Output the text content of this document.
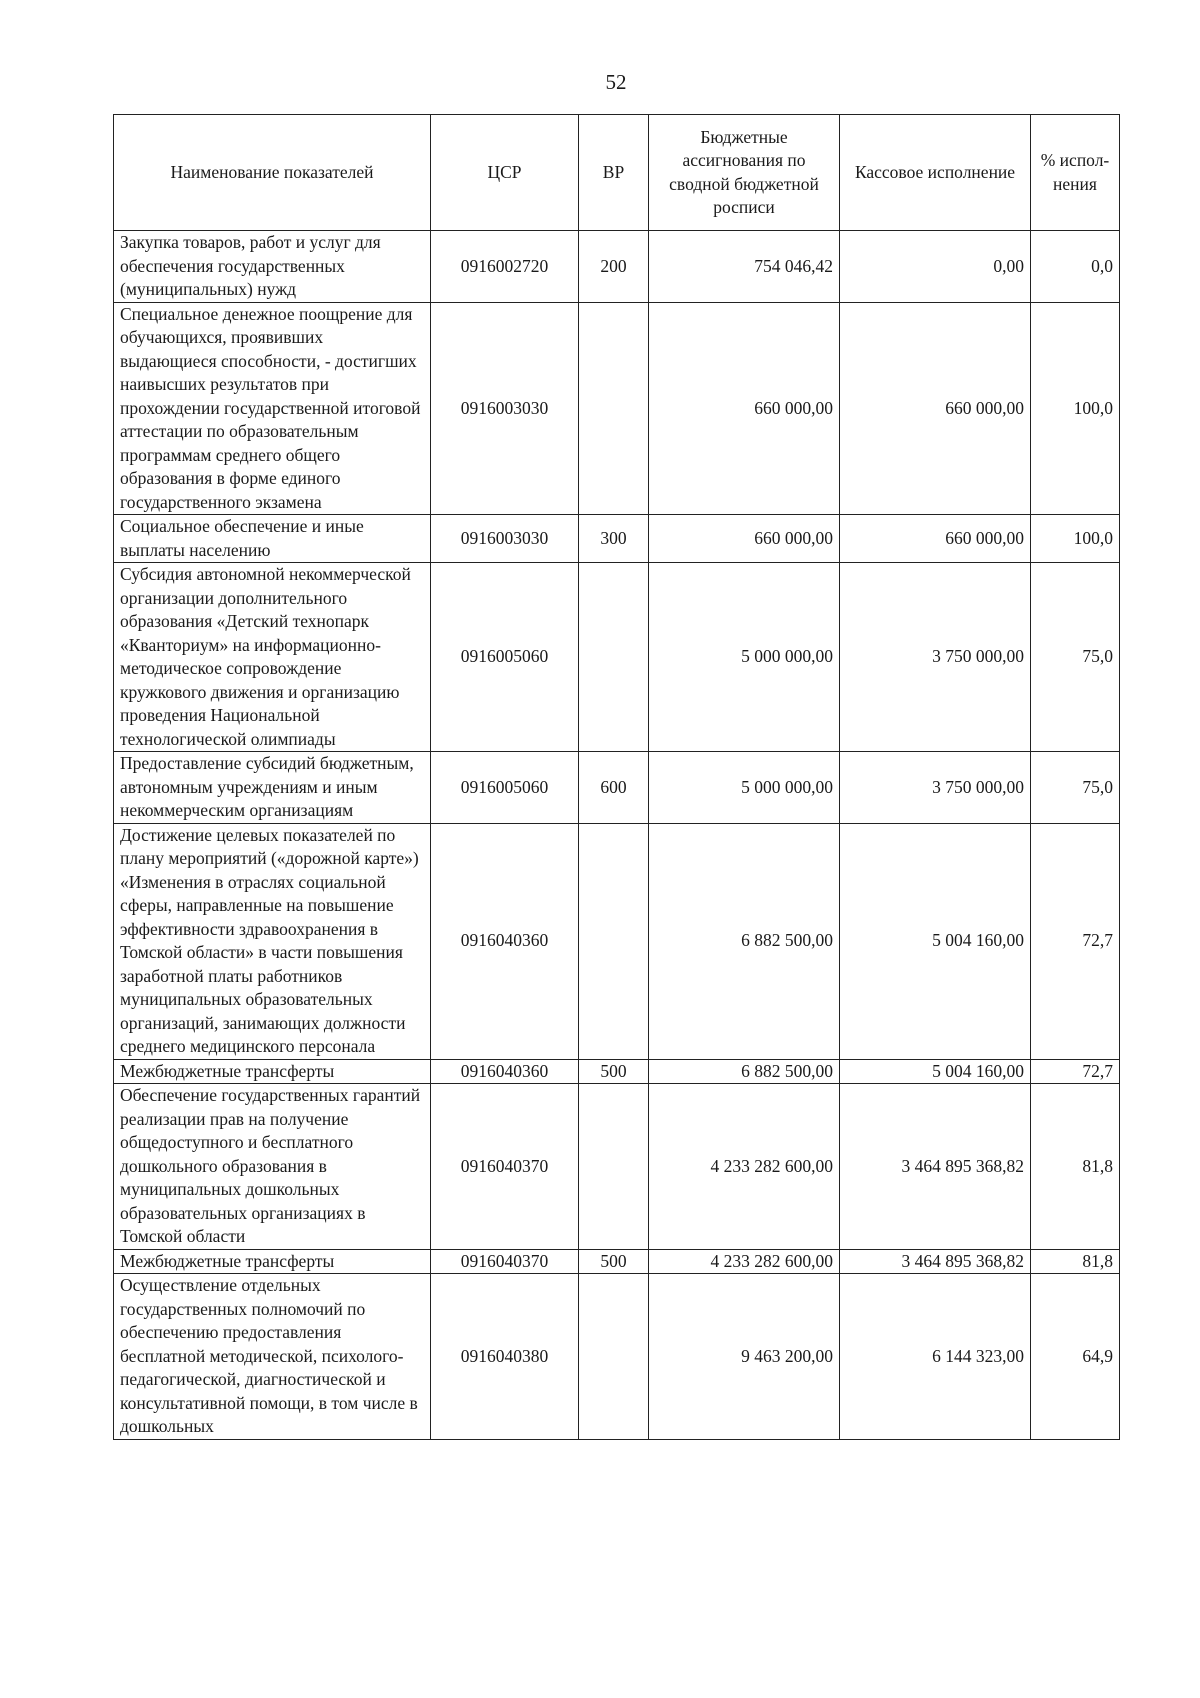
52
Наименование показателей	ЦСР	ВР	Бюджетные ассигнования по сводной бюджетной росписи	Кассовое исполнение	% испол-нения
Закупка товаров, работ и услуг для обеспечения государственных (муниципальных) нужд	0916002720	200	754 046,42	0,00	0,0
Специальное денежное поощрение для обучающихся, проявивших выдающиеся способности, - достигших наивысших результатов при прохождении государственной итоговой аттестации по образовательным программам среднего общего образования в форме единого государственного экзамена	0916003030		660 000,00	660 000,00	100,0
Социальное обеспечение и иные выплаты населению	0916003030	300	660 000,00	660 000,00	100,0
Субсидия автономной некоммерческой организации дополнительного образования «Детский технопарк «Кванториум» на информационно-методическое сопровождение кружкового движения и организацию проведения Национальной технологической олимпиады	0916005060		5 000 000,00	3 750 000,00	75,0
Предоставление субсидий бюджетным, автономным учреждениям и иным некоммерческим организациям	0916005060	600	5 000 000,00	3 750 000,00	75,0
Достижение целевых показателей по плану мероприятий («дорожной карте») «Изменения в отраслях социальной сферы, направленные на повышение эффективности здравоохранения в Томской области» в части повышения заработной платы работников муниципальных образовательных организаций, занимающих должности среднего медицинского персонала	0916040360		6 882 500,00	5 004 160,00	72,7
Межбюджетные трансферты	0916040360	500	6 882 500,00	5 004 160,00	72,7
Обеспечение государственных гарантий реализации прав на получение общедоступного и бесплатного дошкольного образования в муниципальных дошкольных образовательных организациях в Томской области	0916040370		4 233 282 600,00	3 464 895 368,82	81,8
Межбюджетные трансферты	0916040370	500	4 233 282 600,00	3 464 895 368,82	81,8
Осуществление отдельных государственных полномочий по обеспечению предоставления бесплатной методической, психолого-педагогической, диагностической и консультативной помощи, в том числе в дошкольных	0916040380		9 463 200,00	6 144 323,00	64,9
